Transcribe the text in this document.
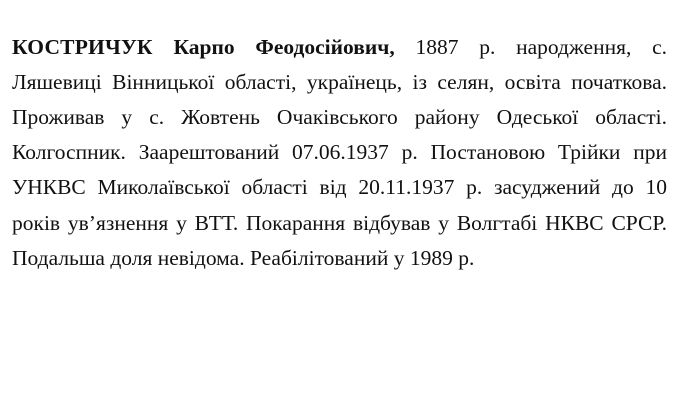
КОСТРИЧУК Карпо Феодосійович, 1887 р. народження, с. Ляшевиці Вінницької області, українець, із селян, освіта початкова. Проживав у с. Жовтень Очаківського району Одеської області. Колгоспник. Заарештований 07.06.1937 р. Постановою Трійки при УНКВС Миколаївської області від 20.11.1937 р. засуджений до 10 років ув’язнення у ВТТ. Покарання відбував у Волгтабі НКВС СРСР. Подальша доля невідома. Реабілітований у 1989 р.
